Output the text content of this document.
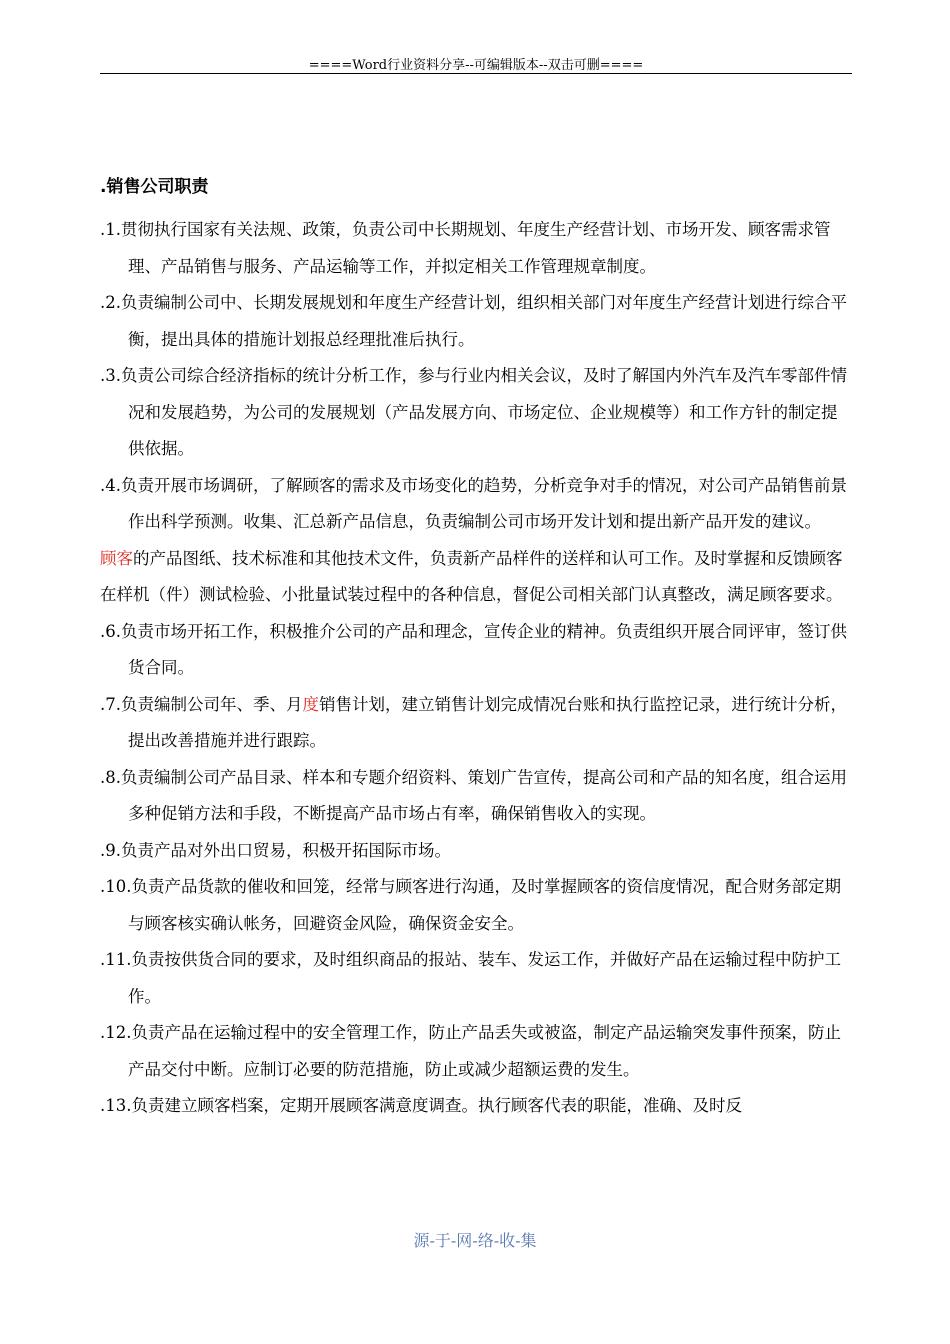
====Word行业资料分享--可编辑版本--双击可删====
.销售公司职责

.1.贯彻执行国家有关法规、政策，负责公司中长期规划、年度生产经营计划、市场开发、顾客需求管理、产品销售与服务、产品运输等工作，并拟定相关工作管理规章制度。

.2.负责编制公司中、长期发展规划和年度生产经营计划，组织相关部门对年度生产经营计划进行综合平衡，提出具体的措施计划报总经理批准后执行。

.3.负责公司综合经济指标的统计分析工作，参与行业内相关会议，及时了解国内外汽车及汽车零部件情况和发展趋势，为公司的发展规划（产品发展方向、市场定位、企业规模等）和工作方针的制定提供依据。

.4.负责开展市场调研，了解顾客的需求及市场变化的趋势，分析竞争对手的情况，对公司产品销售前景作出科学预测。收集、汇总新产品信息，负责编制公司市场开发计划和提出新产品开发的建议。

顾客的产品图纸、技术标准和其他技术文件，负责新产品样件的送样和认可工作。及时掌握和反馈顾客在样机（件）测试检验、小批量试装过程中的各种信息，督促公司相关部门认真整改，满足顾客要求。

.6.负责市场开拓工作，积极推介公司的产品和理念，宣传企业的精神。负责组织开展合同评审，签订供货合同。

.7.负责编制公司年、季、月度销售计划，建立销售计划完成情况台账和执行监控记录，进行统计分析，提出改善措施并进行跟踪。

.8.负责编制公司产品目录、样本和专题介绍资料、策划广告宣传，提高公司和产品的知名度，组合运用多种促销方法和手段，不断提高产品市场占有率，确保销售收入的实现。

.9.负责产品对外出口贸易，积极开拓国际市场。

.10.负责产品货款的催收和回笼，经常与顾客进行沟通，及时掌握顾客的资信度情况，配合财务部定期与顾客核实确认帐务，回避资金风险，确保资金安全。

.11.负责按供货合同的要求，及时组织商品的报站、装车、发运工作，并做好产品在运输过程中防护工作。

.12.负责产品在运输过程中的安全管理工作，防止产品丢失或被盗，制定产品运输突发事件预案，防止产品交付中断。应制订必要的防范措施，防止或减少超额运费的发生。

.13.负责建立顾客档案，定期开展顾客满意度调查。执行顾客代表的职能，准确、及时反

源-于-网-络-收-集
